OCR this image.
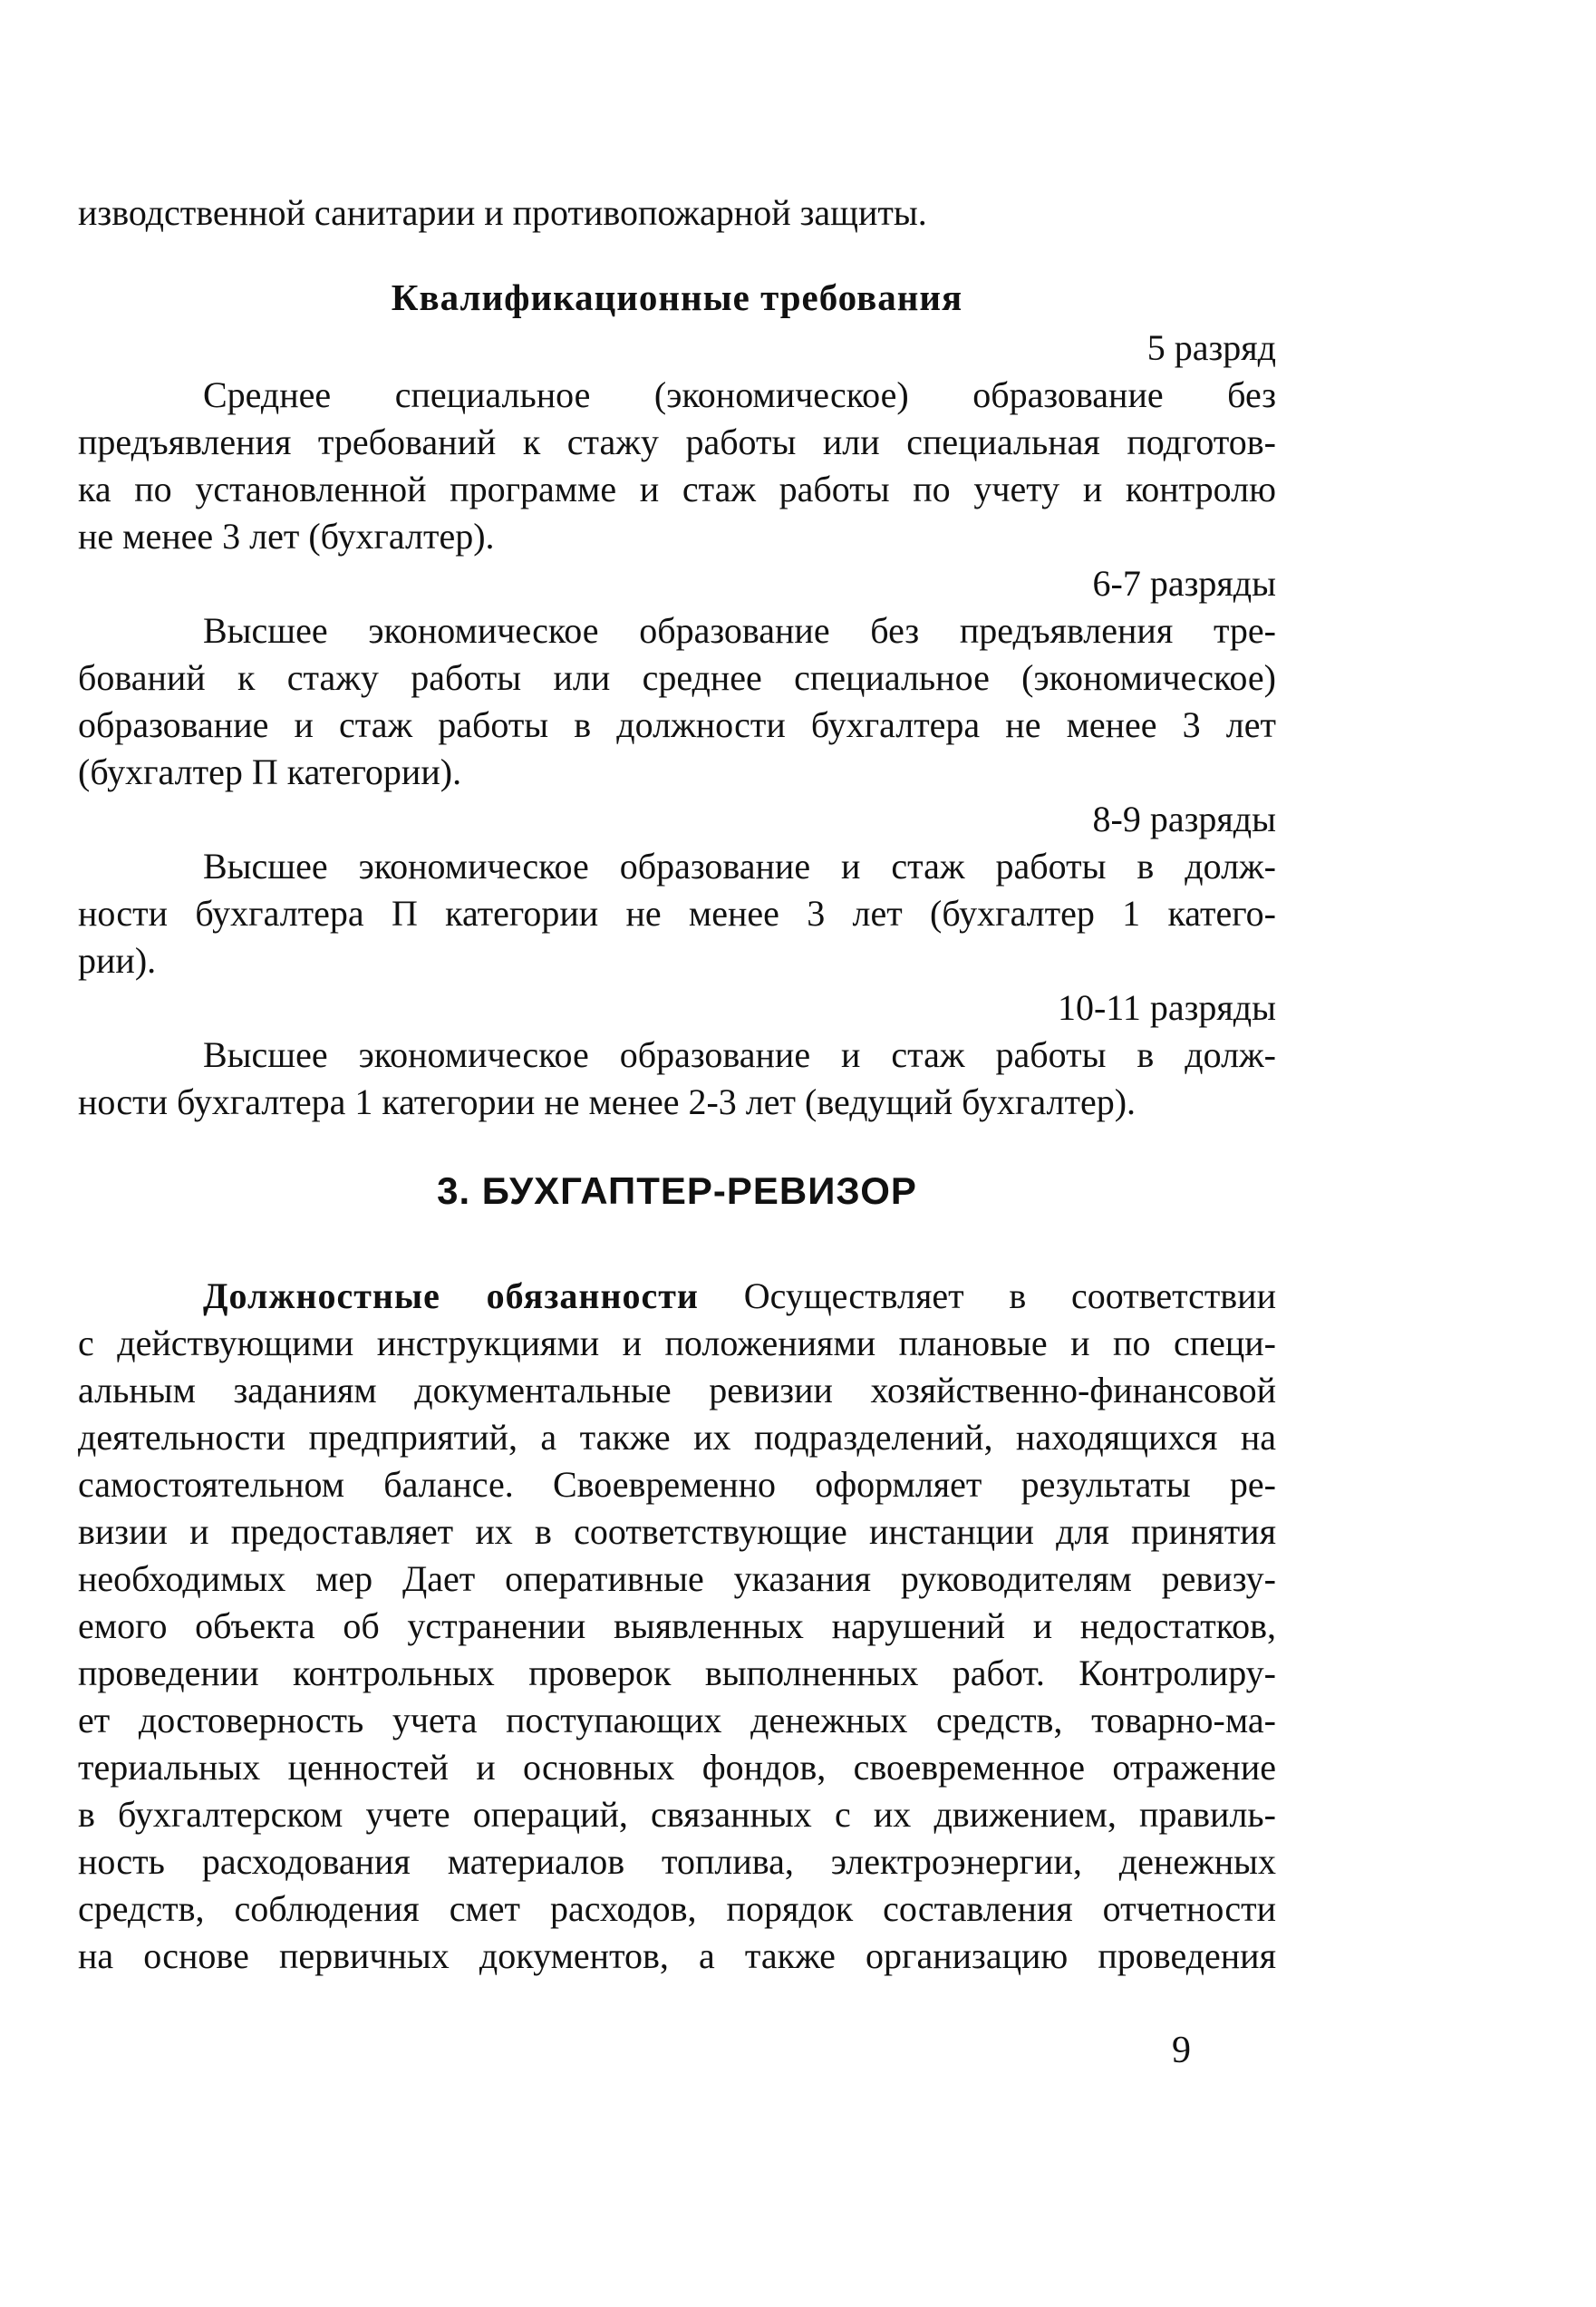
изводственной санитарии и противопожарной защиты.
Квалификационные требования
5 разряд
Среднее специальное (экономическое) образование без
предъявления требований к стажу работы или специальная подготов-
ка по установленной программе и стаж работы по учету и контролю
не менее 3 лет (бухгалтер).
6-7 разряды
Высшее экономическое образование без предъявления тре-
бований к стажу работы или среднее специальное (экономическое)
образование и стаж работы в должности бухгалтера не менее 3 лет
(бухгалтер П категории).
8-9 разряды
Высшее экономическое образование и стаж работы в долж-
ности бухгалтера П категории не менее 3 лет (бухгалтер 1 катего-
рии).
10-11 разряды
Высшее экономическое образование и стаж работы в долж-
ности бухгалтера 1 категории не менее 2-3 лет (ведущий бухгалтер).
3. БУХГАПТЕР-РЕВИЗОР
Должностные обязанности Осуществляет в соответствии
с действующими инструкциями и положениями плановые и по специ-
альным заданиям документальные ревизии хозяйственно-финансовой
деятельности предприятий, а также их подразделений, находящихся на
самостоятельном балансе. Своевременно оформляет результаты ре-
визии и предоставляет их в соответствующие инстанции для принятия
необходимых мер Дает оперативные указания руководителям ревизу-
емого объекта об устранении выявленных нарушений и недостатков,
проведении контрольных проверок выполненных работ. Контролиру-
ет достоверность учета поступающих денежных средств, товарно-ма-
териальных ценностей и основных фондов, своевременное отражение
в бухгалтерском учете операций, связанных с их движением, правиль-
ность расходования материалов топлива, электроэнергии, денежных
средств, соблюдения смет расходов, порядок составления отчетности
на основе первичных документов, а также организацию проведения
9
